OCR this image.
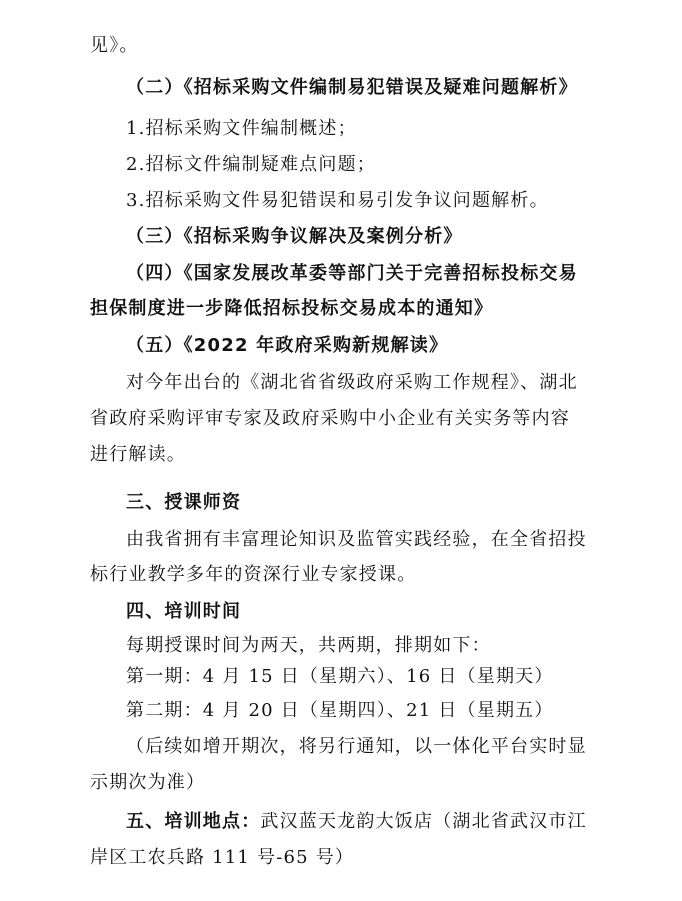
见》。
（二）《招标采购文件编制易犯错误及疑难问题解析》
1.招标采购文件编制概述；
2.招标文件编制疑难点问题；
3.招标采购文件易犯错误和易引发争议问题解析。
（三）《招标采购争议解决及案例分析》
（四）《国家发展改革委等部门关于完善招标投标交易
担保制度进一步降低招标投标交易成本的通知》
（五）《2022 年政府采购新规解读》
对今年出台的《湖北省省级政府采购工作规程》、湖北
省政府采购评审专家及政府采购中小企业有关实务等内容
进行解读。
三、授课师资
由我省拥有丰富理论知识及监管实践经验，在全省招投
标行业教学多年的资深行业专家授课。
四、培训时间
每期授课时间为两天，共两期，排期如下：
第一期：4 月 15 日（星期六）、16 日（星期天）
第二期：4 月 20 日（星期四）、21 日（星期五）
（后续如增开期次，将另行通知，以一体化平台实时显
示期次为准）
五、培训地点：武汉蓝天龙韵大饭店（湖北省武汉市江
岸区工农兵路 111 号-65 号）
